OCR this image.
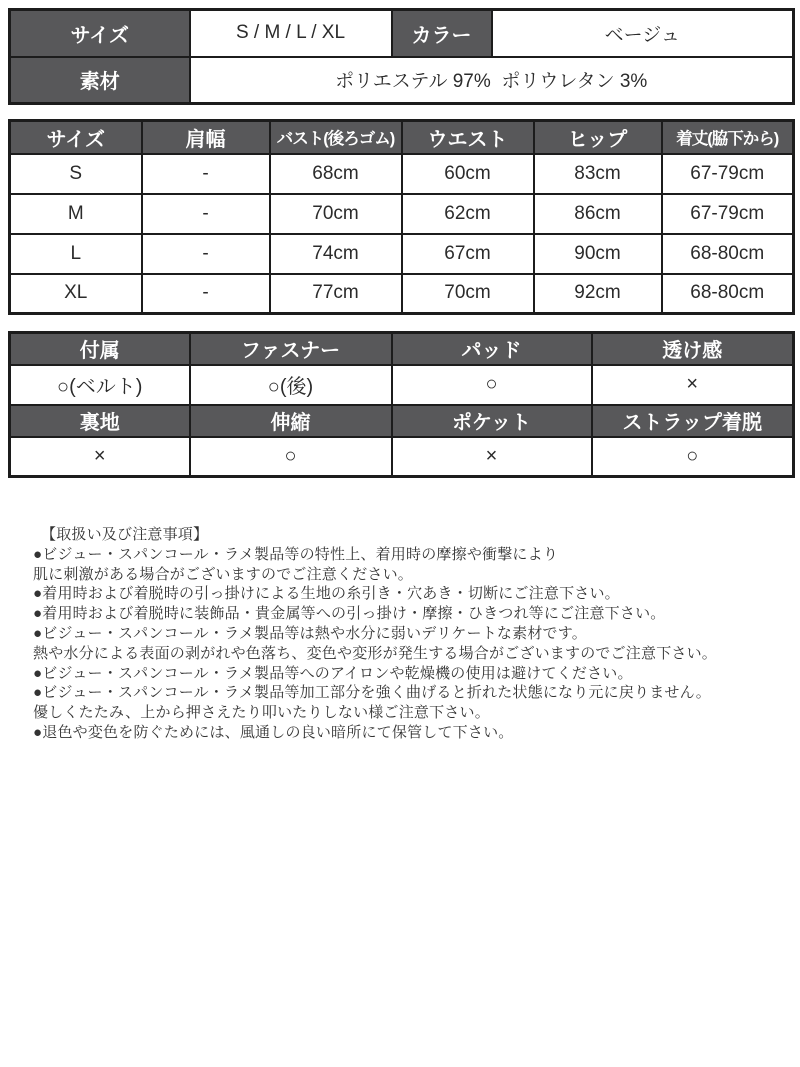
サイズ	S / M / L / XL	カラー	ベージュ
素材	ポリエステル 97%  ポリウレタン 3%		
サイズ	肩幅	バスト(後ろゴム)	ウエスト	ヒップ	着丈(脇下から)
S	-	68cm	60cm	83cm	67-79cm
M	-	70cm	62cm	86cm	67-79cm
L	-	74cm	67cm	90cm	68-80cm
XL	-	77cm	70cm	92cm	68-80cm
付属	ファスナー	パッド	透け感
○(ベルト)	○(後)	○	×
裏地	伸縮	ポケット	ストラップ着脱
×	○	×	○
【取扱い及び注意事項】
●ビジュー・スパンコール・ラメ製品等の特性上、着用時の摩擦や衝撃により
肌に刺激がある場合がございますのでご注意ください。
●着用時および着脱時の引っ掛けによる生地の糸引き・穴あき・切断にご注意下さい。
●着用時および着脱時に装飾品・貴金属等への引っ掛け・摩擦・ひきつれ等にご注意下さい。
●ビジュー・スパンコール・ラメ製品等は熱や水分に弱いデリケートな素材です。
熱や水分による表面の剥がれや色落ち、変色や変形が発生する場合がございますのでご注意下さい。
●ビジュー・スパンコール・ラメ製品等へのアイロンや乾燥機の使用は避けてください。
●ビジュー・スパンコール・ラメ製品等加工部分を強く曲げると折れた状態になり元に戻りません。
優しくたたみ、上から押さえたり叩いたりしない様ご注意下さい。
●退色や変色を防ぐためには、風通しの良い暗所にて保管して下さい。
